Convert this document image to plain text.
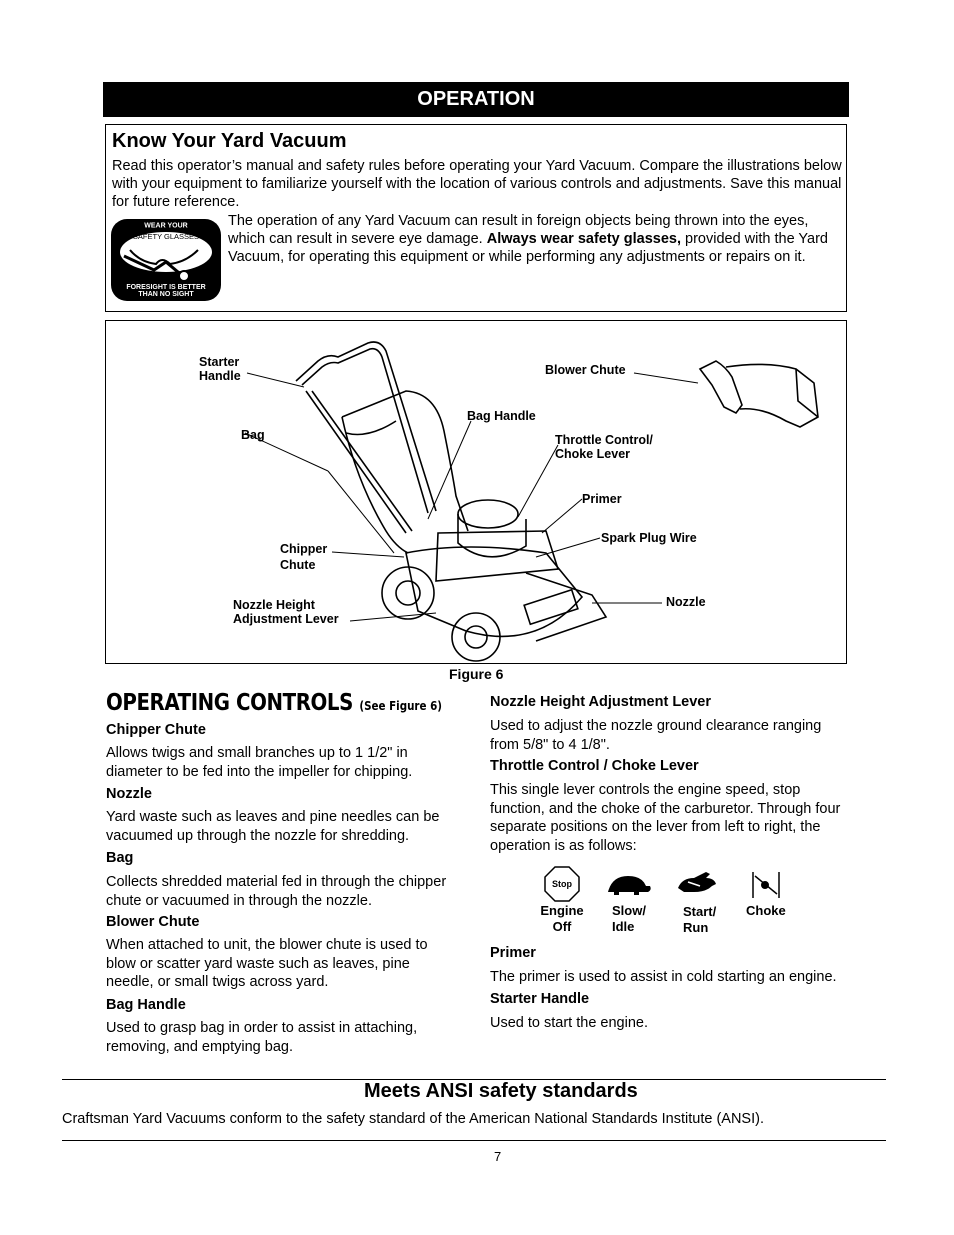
OPERATION
Know Your Yard Vacuum
Read this operator’s manual and safety rules before operating your Yard Vacuum. Compare the illustrations below with your equipment to familiarize yourself with the location of various controls and adjustments. Save this manual for future reference.
WEAR YOUR
SAFETY GLASSES
FORESIGHT IS BETTER
THAN NO SIGHT
The operation of any Yard Vacuum can result in foreign objects being thrown into the eyes, which can result in severe eye damage. Always wear safety glasses, provided with the Yard Vacuum, for operating this equipment or while performing any adjustments or repairs on it.
Starter
Handle
Bag
Bag Handle
Blower Chute
Throttle Control/
Choke Lever
Primer
Spark Plug Wire
Chipper
Chute
Nozzle Height
Adjustment Lever
Nozzle
Figure 6
OPERATING CONTROLS (See Figure 6)
Chipper Chute
Allows twigs and small branches up to 1 1/2" in diameter to be fed into the impeller for chipping.
Nozzle
Yard waste such as leaves and pine needles can be vacuumed up through the nozzle for shredding.
Bag
Collects shredded material fed in through the chipper chute or vacuumed in through the nozzle.
Blower Chute
When attached to unit, the blower chute is used to blow or scatter yard waste such as leaves, pine needle, or small twigs across yard.
Bag Handle
Used to grasp bag in order to assist in attaching, removing, and emptying bag.
Nozzle Height Adjustment Lever
Used to adjust the nozzle ground clearance ranging from 5/8" to 4 1/8".
Throttle Control / Choke Lever
This single lever controls the engine speed, stop function, and the choke of the carburetor. Through four separate positions on the lever from left to right, the operation is as follows:
Stop
Engine
Off
Slow/
Idle
Start/
Run
Choke
Primer
The primer is used to assist in cold starting an engine.
Starter Handle
Used to start the engine.
Meets ANSI safety standards
Craftsman Yard Vacuums conform to the safety standard of the American National Standards Institute (ANSI).
7
